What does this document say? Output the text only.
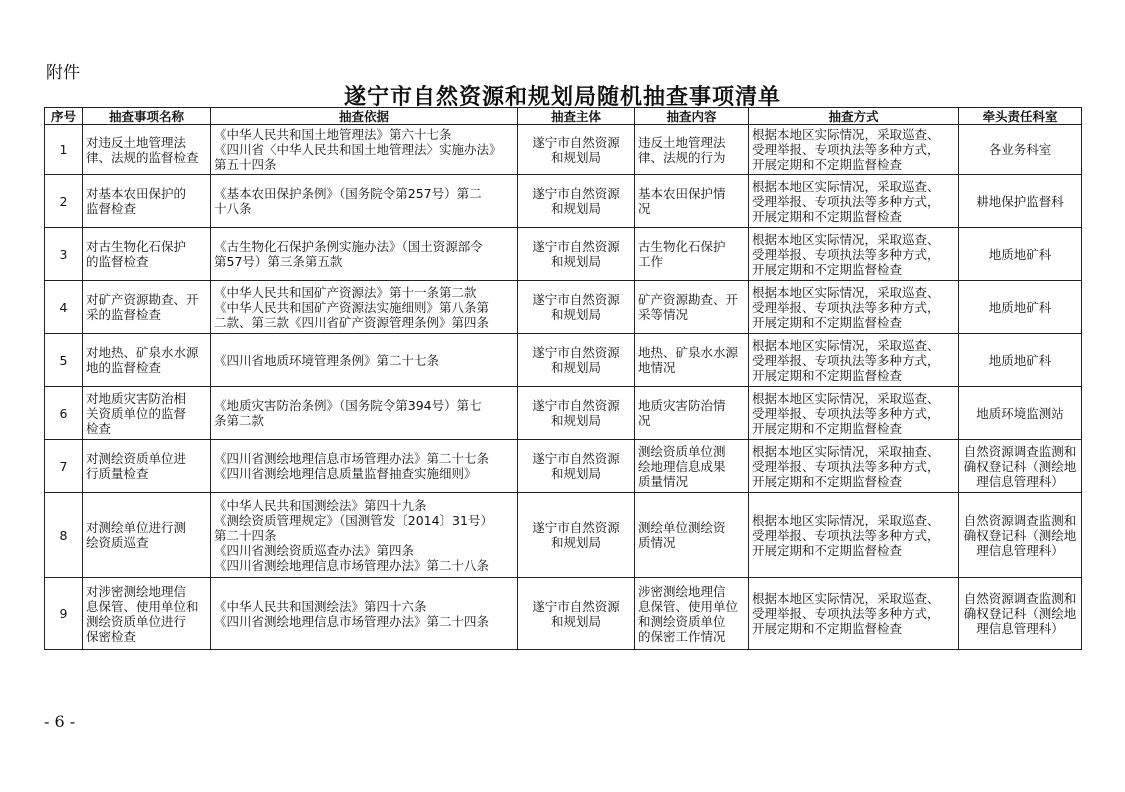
附件
遂宁市自然资源和规划局随机抽查事项清单
序号	抽查事项名称	抽查依据	抽查主体	抽查内容	抽查方式	牵头责任科室
1	对违反土地管理法
律、法规的监督检查	《中华人民共和国土地管理法》第六十七条
《四川省〈中华人民共和国土地管理法〉实施办法》
第五十四条	遂宁市自然资源
和规划局	违反土地管理法
律、法规的行为	根据本地区实际情况，采取巡查、
受理举报、专项执法等多种方式，
开展定期和不定期监督检查	各业务科室

2	对基本农田保护的
监督检查	《基本农田保护条例》（国务院令第257号）第二
十八条	遂宁市自然资源
和规划局	基本农田保护情
况	根据本地区实际情况，采取巡查、
受理举报、专项执法等多种方式，
开展定期和不定期监督检查	耕地保护监督科

3	对古生物化石保护
的监督检查	《古生物化石保护条例实施办法》（国土资源部令
第57号）第三条第五款	遂宁市自然资源
和规划局	古生物化石保护
工作	根据本地区实际情况，采取巡查、
受理举报、专项执法等多种方式，
开展定期和不定期监督检查	地质地矿科

4	对矿产资源勘查、开
采的监督检查	《中华人民共和国矿产资源法》第十一条第二款
《中华人民共和国矿产资源法实施细则》第八条第
二款、第三款《四川省矿产资源管理条例》第四条	遂宁市自然资源
和规划局	矿产资源勘查、开
采等情况	根据本地区实际情况，采取巡查、
受理举报、专项执法等多种方式，
开展定期和不定期监督检查	地质地矿科

5	对地热、矿泉水水源
地的监督检查	《四川省地质环境管理条例》第二十七条	遂宁市自然资源
和规划局	地热、矿泉水水源
地情况	根据本地区实际情况，采取巡查、
受理举报、专项执法等多种方式，
开展定期和不定期监督检查	地质地矿科

6	对地质灾害防治相
关资质单位的监督
检查	《地质灾害防治条例》（国务院令第394号）第七
条第二款	遂宁市自然资源
和规划局	地质灾害防治情
况	根据本地区实际情况，采取巡查、
受理举报、专项执法等多种方式，
开展定期和不定期监督检查	地质环境监测站

7	对测绘资质单位进
行质量检查	《四川省测绘地理信息市场管理办法》第二十七条
《四川省测绘地理信息质量监督抽查实施细则》	遂宁市自然资源
和规划局	测绘资质单位测
绘地理信息成果
质量情况	根据本地区实际情况，采取抽查、
受理举报、专项执法等多种方式，
开展定期和不定期监督检查	自然资源调查监测和
确权登记科（测绘地
理信息管理科）

8	对测绘单位进行测
绘资质巡查	《中华人民共和国测绘法》第四十九条
《测绘资质管理规定》（国测管发〔2014〕31号）
第二十四条
《四川省测绘资质巡查办法》第四条
《四川省测绘地理信息市场管理办法》第二十八条	遂宁市自然资源
和规划局	测绘单位测绘资
质情况	根据本地区实际情况，采取巡查、
受理举报、专项执法等多种方式，
开展定期和不定期监督检查	自然资源调查监测和
确权登记科（测绘地
理信息管理科）

9	对涉密测绘地理信
息保管、使用单位和
测绘资质单位进行
保密检查	《中华人民共和国测绘法》第四十六条
《四川省测绘地理信息市场管理办法》第二十四条	遂宁市自然资源
和规划局	涉密测绘地理信
息保管、使用单位
和测绘资质单位
的保密工作情况	根据本地区实际情况，采取巡查、
受理举报、专项执法等多种方式，
开展定期和不定期监督检查	自然资源调查监测和
确权登记科（测绘地
理信息管理科）
- 6 -
